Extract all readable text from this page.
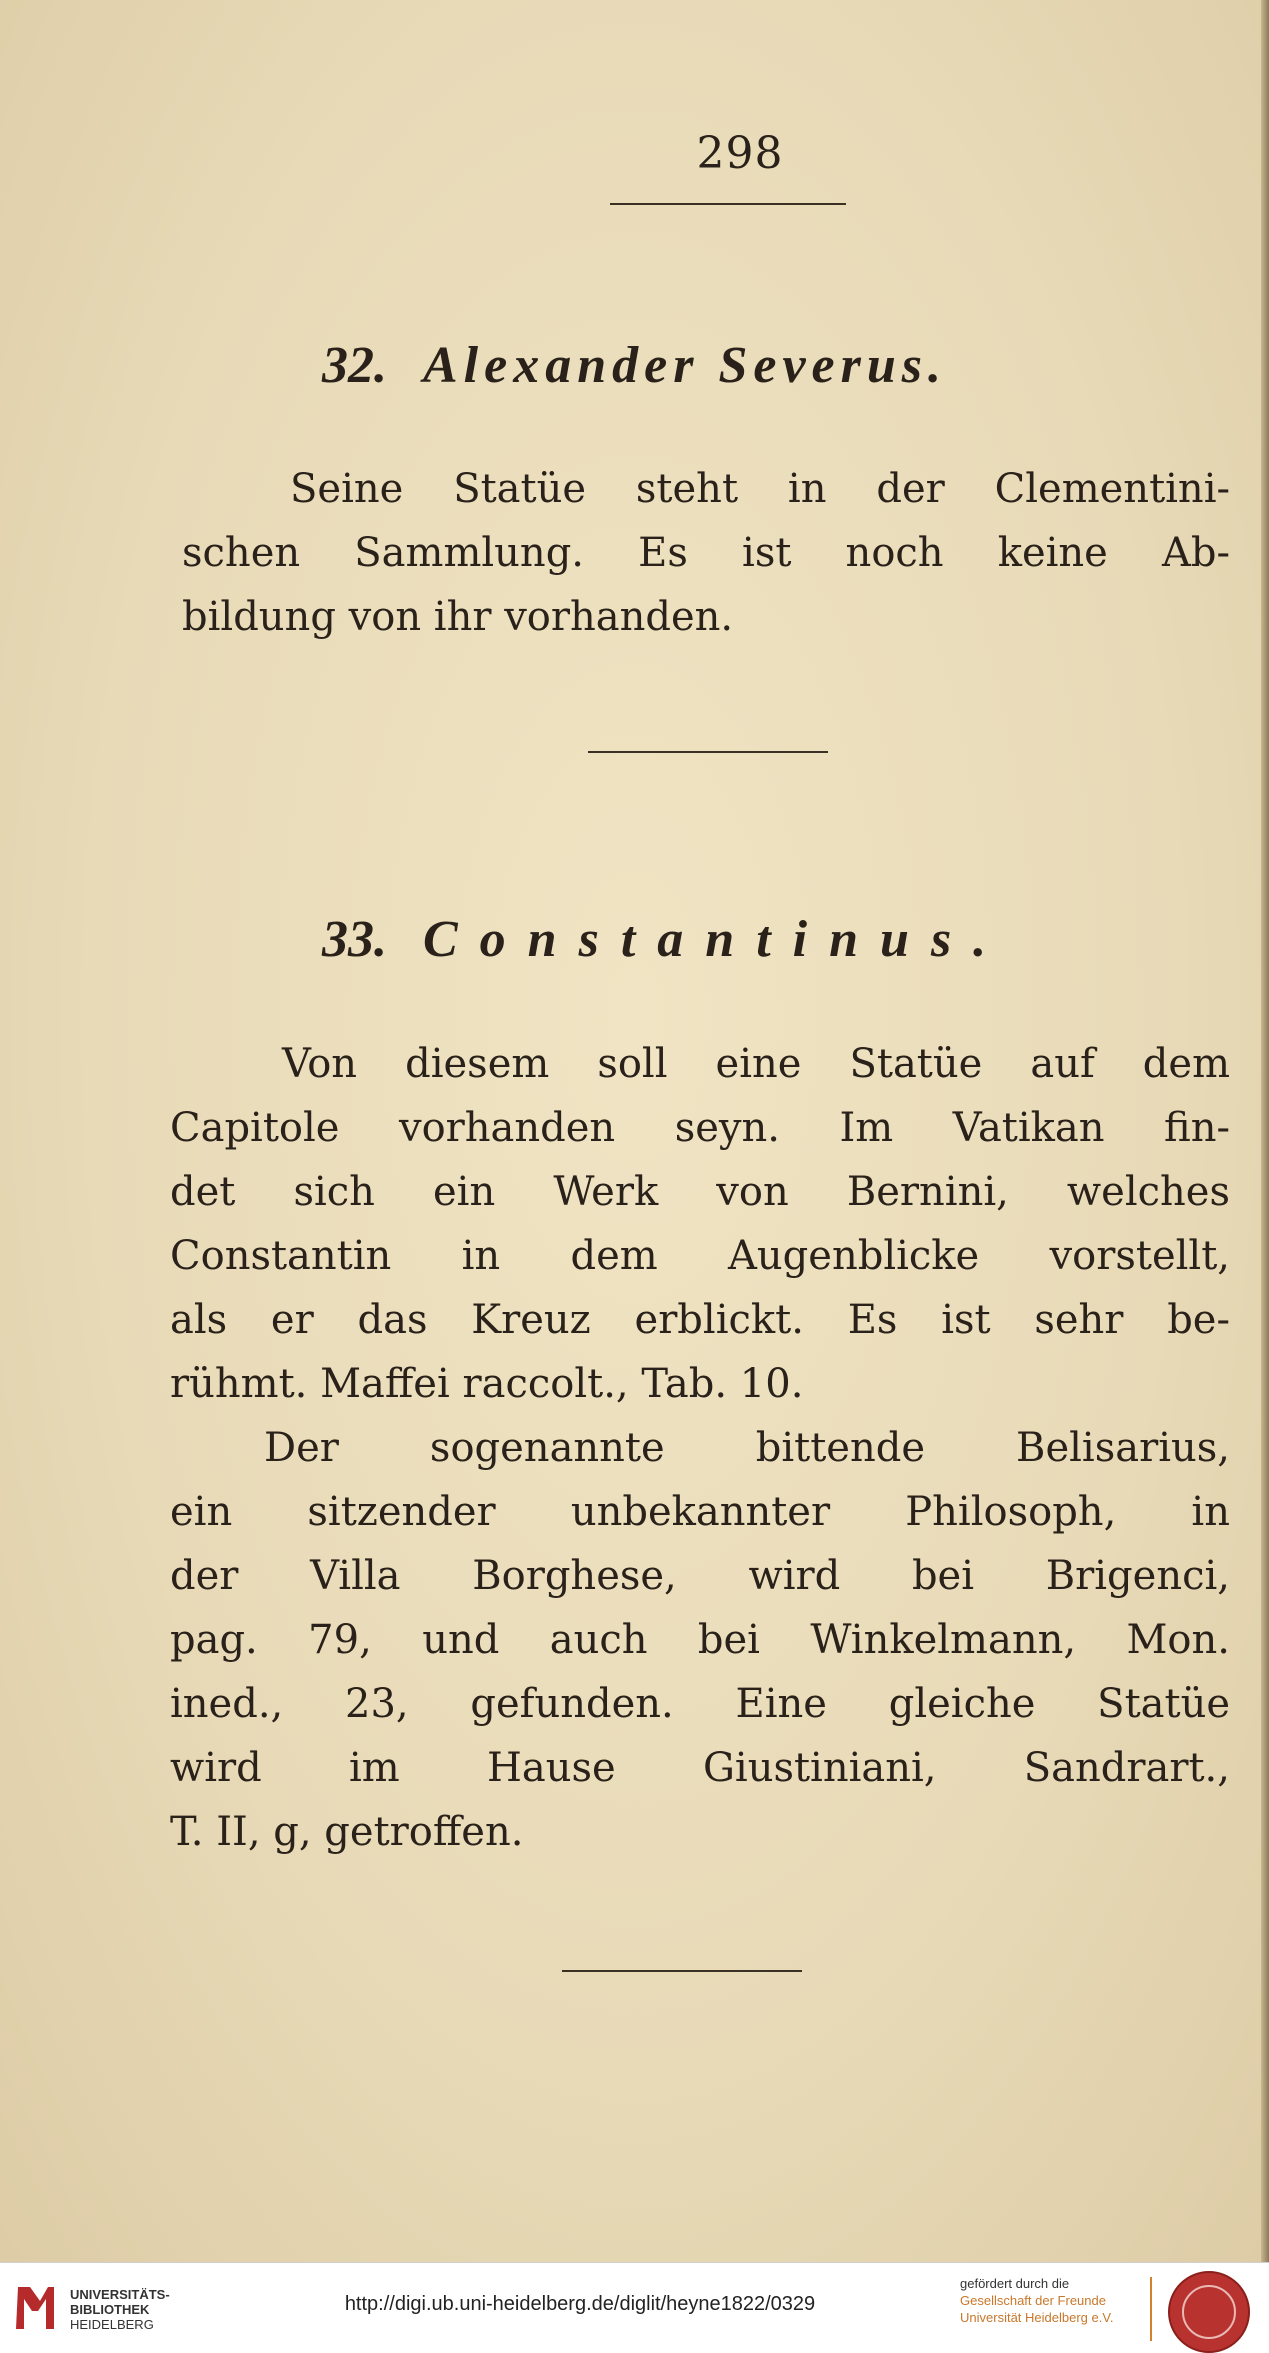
298
32. Alexander Severus.
Seine Statüe steht in der Clementini-
schen Sammlung. Es ist noch keine Ab-
bildung von ihr vorhanden.
33. Constantinus.
Von diesem soll eine Statüe auf dem
Capitole vorhanden seyn. Im Vatikan fin-
det sich ein Werk von Bernini, welches
Constantin in dem Augenblicke vorstellt,
als er das Kreuz erblickt. Es ist sehr be-
rühmt. Maffei raccolt., Tab. 10.
Der sogenannte bittende Belisarius,
ein sitzender unbekannter Philosoph, in
der Villa Borghese, wird bei Brigenci,
pag. 79, und auch bei Winkelmann, Mon.
ined., 23, gefunden. Eine gleiche Statüe
wird im Hause Giustiniani, Sandrart.,
T. II, g, getroffen.
UNIVERSITÄTS-
BIBLIOTHEK
HEIDELBERG
http://digi.ub.uni-heidelberg.de/diglit/heyne1822/0329
gefördert durch die
Gesellschaft der Freunde
Universität Heidelberg e.V.
